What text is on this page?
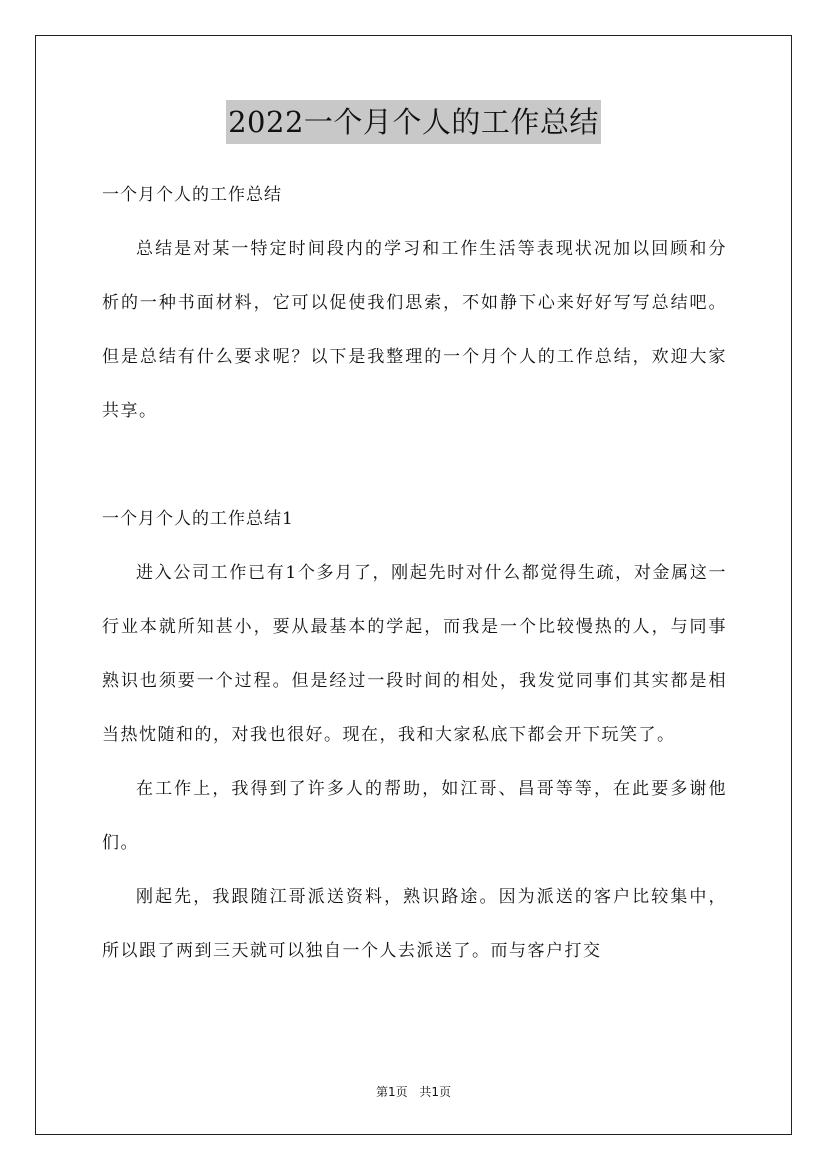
2022一个月个人的工作总结

一个月个人的工作总结

总结是对某一特定时间段内的学习和工作生活等表现状况加以回顾和分析的一种书面材料，它可以促使我们思索，不如静下心来好好写写总结吧。但是总结有什么要求呢？以下是我整理的一个月个人的工作总结，欢迎大家共享。

一个月个人的工作总结1

进入公司工作已有1个多月了，刚起先时对什么都觉得生疏，对金属这一行业本就所知甚小，要从最基本的学起，而我是一个比较慢热的人，与同事熟识也须要一个过程。但是经过一段时间的相处，我发觉同事们其实都是相当热忱随和的，对我也很好。现在，我和大家私底下都会开下玩笑了。

在工作上，我得到了许多人的帮助，如江哥、昌哥等等，在此要多谢他们。

刚起先，我跟随江哥派送资料，熟识路途。因为派送的客户比较集中，所以跟了两到三天就可以独自一个人去派送了。而与客户打交

第1页 共1页
